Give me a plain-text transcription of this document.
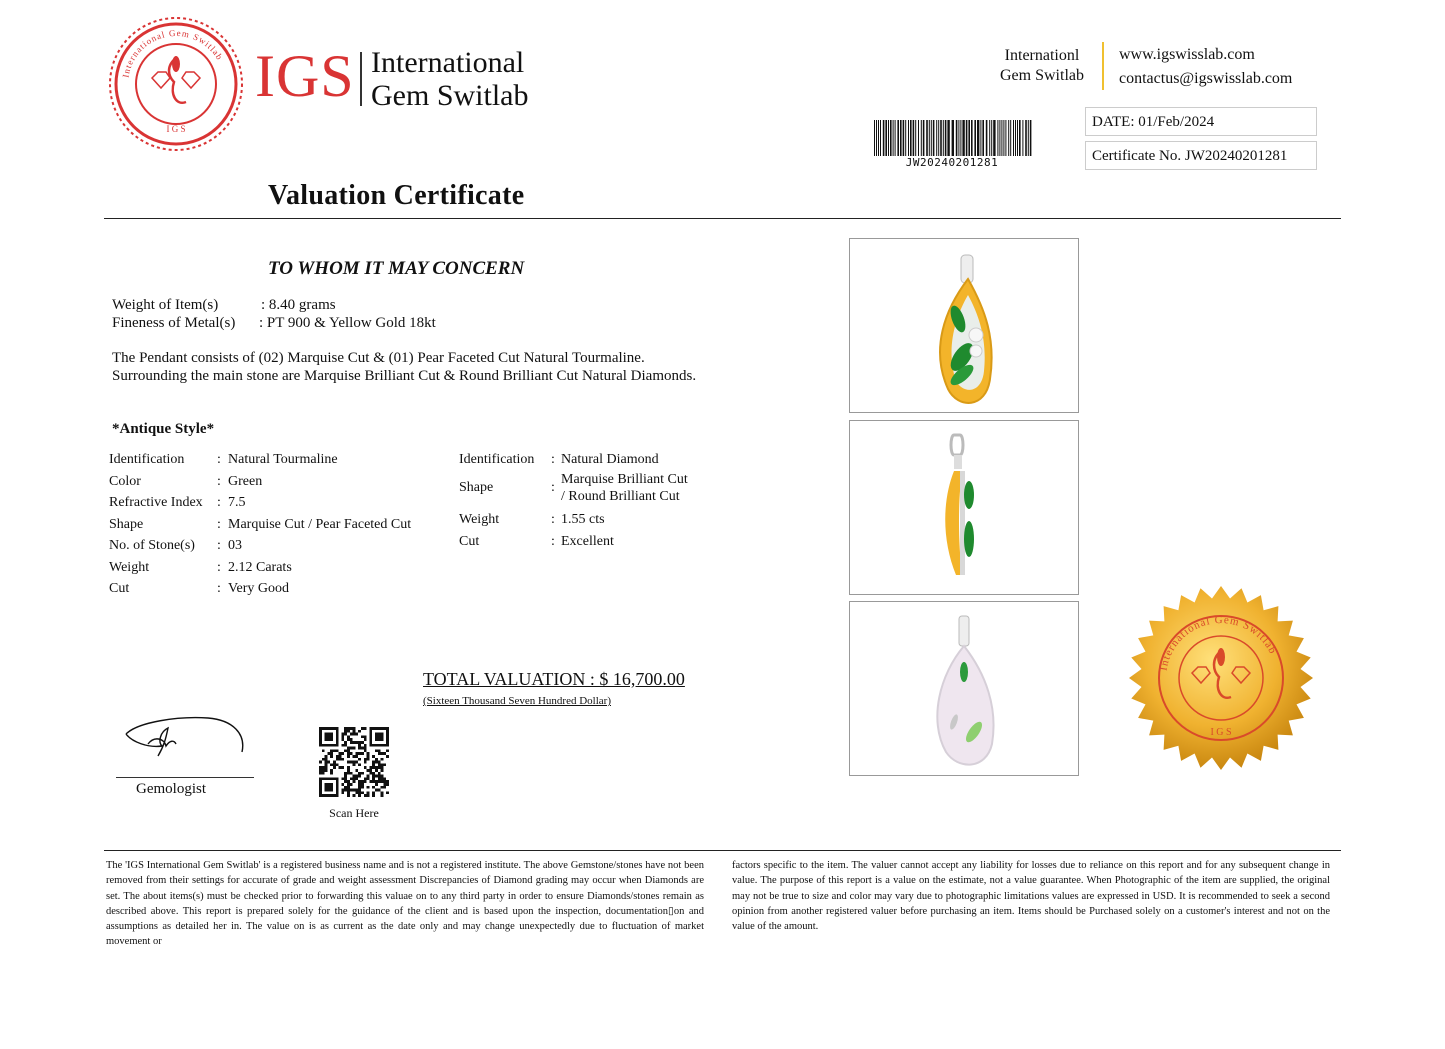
International Gem Switlab
I G S
IGS International
Gem Switlab
Internationl
Gem Switlab
www.igswisslab.com
contactus@igswisslab.com
JW20240201281
DATE: 01/Feb/2024
Certificate No. JW20240201281
Valuation Certificate
TO WHOM IT MAY CONCERN
Weight of Item(s)	: 8.40 grams
Fineness of Metal(s) : PT 900 & Yellow Gold 18kt
The Pendant consists of (02) Marquise Cut & (01) Pear Faceted Cut Natural Tourmaline. Surrounding the main stone are Marquise Brilliant Cut & Round Brilliant Cut Natural Diamonds.
*Antique Style*
Identification : Natural Tourmaline
Color	: Green
Refractive Index : 7.5
Shape	: Marquise Cut / Pear Faceted Cut
No. of Stone(s) : 03
Weight	: 2.12 Carats
Cut	: Very Good
Identification : Natural Diamond
Shape	:
Marquise Brilliant Cut
/ Round Brilliant Cut
Weight	: 1.55 cts
Cut	: Excellent
TOTAL VALUATION : $ 16,700.00
(Sixteen Thousand Seven Hundred Dollar)
Gemologist
Scan Here
International Gem Switlab
I G S
The 'IGS International Gem Switlab' is a registered business name and is not a registered institute. The above Gemstone/stones have not been removed from their settings for accurate of grade and weight assessment Discrepancies of Diamond grading may occur when Diamonds are set. The about items(s) must be checked prior to forwarding this valuae on to any third party in order to ensure Diamonds/stones remain as described above. This report is prepared solely for the guidance of the client and is based upon the inspection, documentation▯on and assumptions as detailed her in. The value on is as current as the date only and may change unexpectedly due to fluctuation of market movement or
factors specific to the item. The valuer cannot accept any liability for losses due to reliance on this report and for any subsequent change in value. The purpose of this report is a value on the estimate, not a value guarantee. When Photographic of the item are supplied, the original may not be true to size and color may vary due to photographic limitations values are expressed in USD. It is recommended to seek a second opinion from another registered valuer before purchasing an item. Items should be Purchased solely on a customer's interest and not on the value of the amount.
